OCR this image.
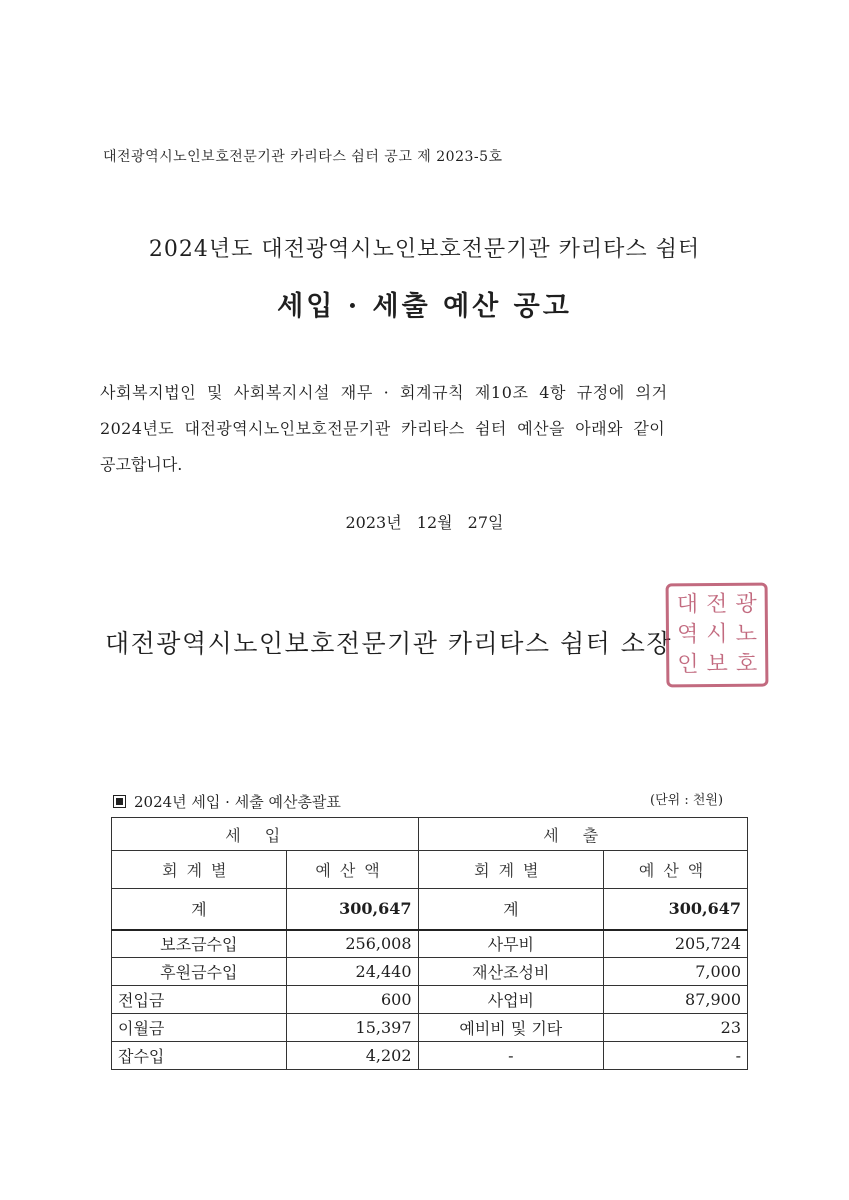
대전광역시노인보호전문기관 카리타스 쉼터 공고 제 2023-5호
2024년도 대전광역시노인보호전문기관 카리타스 쉼터
세입 · 세출 예산 공고

사회복지법인 및 사회복지시설 재무 · 회계규칙 제10조 4항 규정에 의거

2024년도 대전광역시노인보호전문기관 카리타스 쉼터 예산을 아래와 같이

공고합니다.

2023년 12월 27일
대전광역시노인보호전문기관 카리타스 쉼터 소장
대 전 광
역 시 노
인 보 호
2024년 세입 · 세출 예산총괄표	(단위 : 천원)
세입		세출	
회계별	예산액	회계별	예산액
계	300,647	계	300,647
보조금수입	256,008	사무비	205,724
후원금수입	24,440	재산조성비	7,000
전입금	600	사업비	87,900
이월금	15,397	예비비 및 기타	23
잡수입	4,202	-	-
